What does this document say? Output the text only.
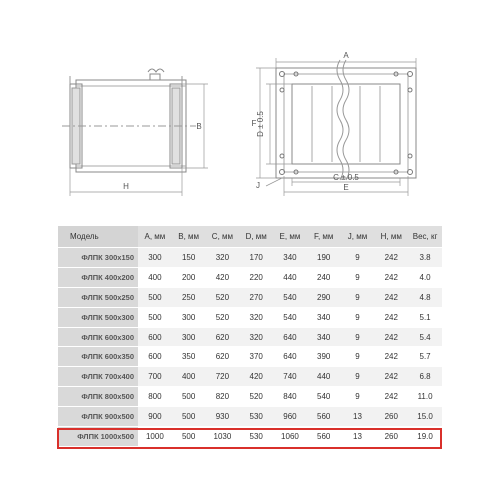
H
B
A
F D ± 0.5
C ± 0.5
E
J
Модель	A, мм	B, мм	C, мм	D, мм	E, мм	F, мм	J, мм	H, мм	Вес, кг
ФЛПК 300х150	300	150	320	170	340	190	9	242	3.8
ФЛПК 400х200	400	200	420	220	440	240	9	242	4.0
ФЛПК 500х250	500	250	520	270	540	290	9	242	4.8
ФЛПК 500х300	500	300	520	320	540	340	9	242	5.1
ФЛПК 600х300	600	300	620	320	640	340	9	242	5.4
ФЛПК 600х350	600	350	620	370	640	390	9	242	5.7
ФЛПК 700х400	700	400	720	420	740	440	9	242	6.8
ФЛПК 800х500	800	500	820	520	840	540	9	242	11.0
ФЛПК 900х500	900	500	930	530	960	560	13	260	15.0
ФЛПК 1000х500	1000	500	1030	530	1060	560	13	260	19.0
